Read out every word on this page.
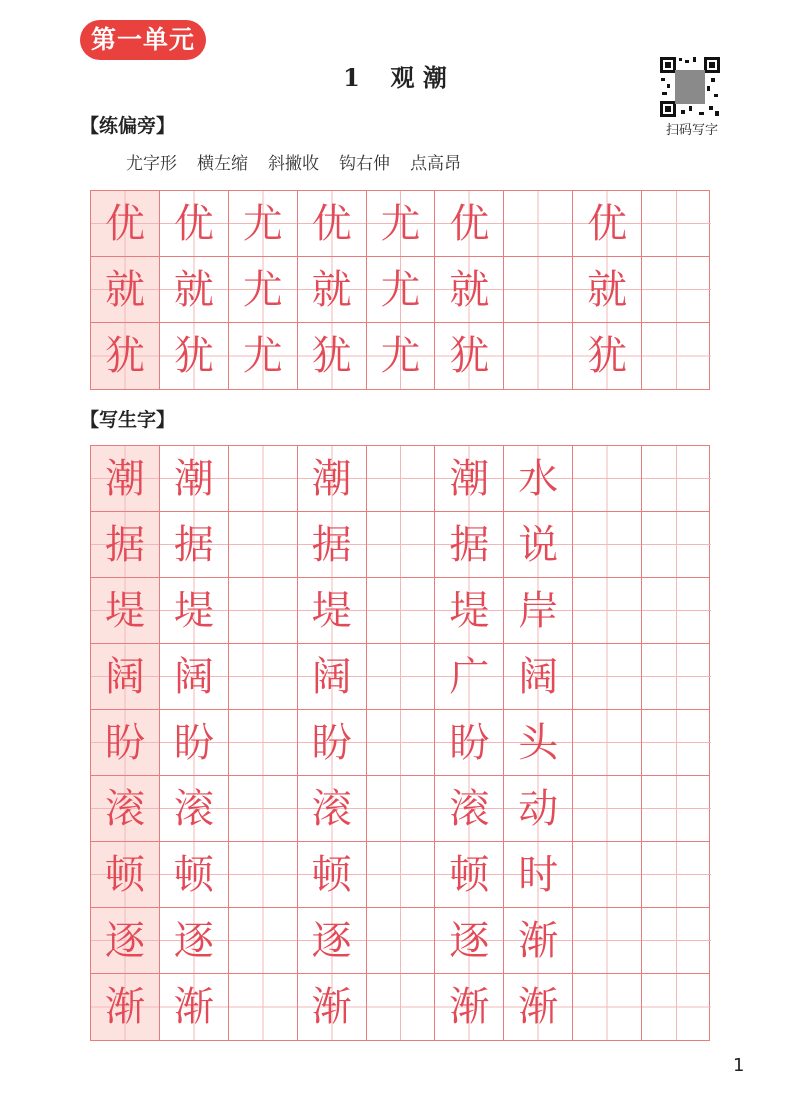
第一单元
1 观 潮
扫码写字
【练偏旁】
尤字形 横左缩 斜撇收 钩右伸 点高昂
优 优 尤 优 尤 优 优
就 就 尤 就 尤 就 就
犹 犹 尤 犹 尤 犹 犹
【写生字】
潮 潮 潮 潮 水
据 据 据 据 说
堤 堤 堤 堤 岸
阔 阔 阔 广 阔
盼 盼 盼 盼 头
滚 滚 滚 滚 动
顿 顿 顿 顿 时
逐 逐 逐 逐 渐
渐 渐 渐 渐 渐
1
